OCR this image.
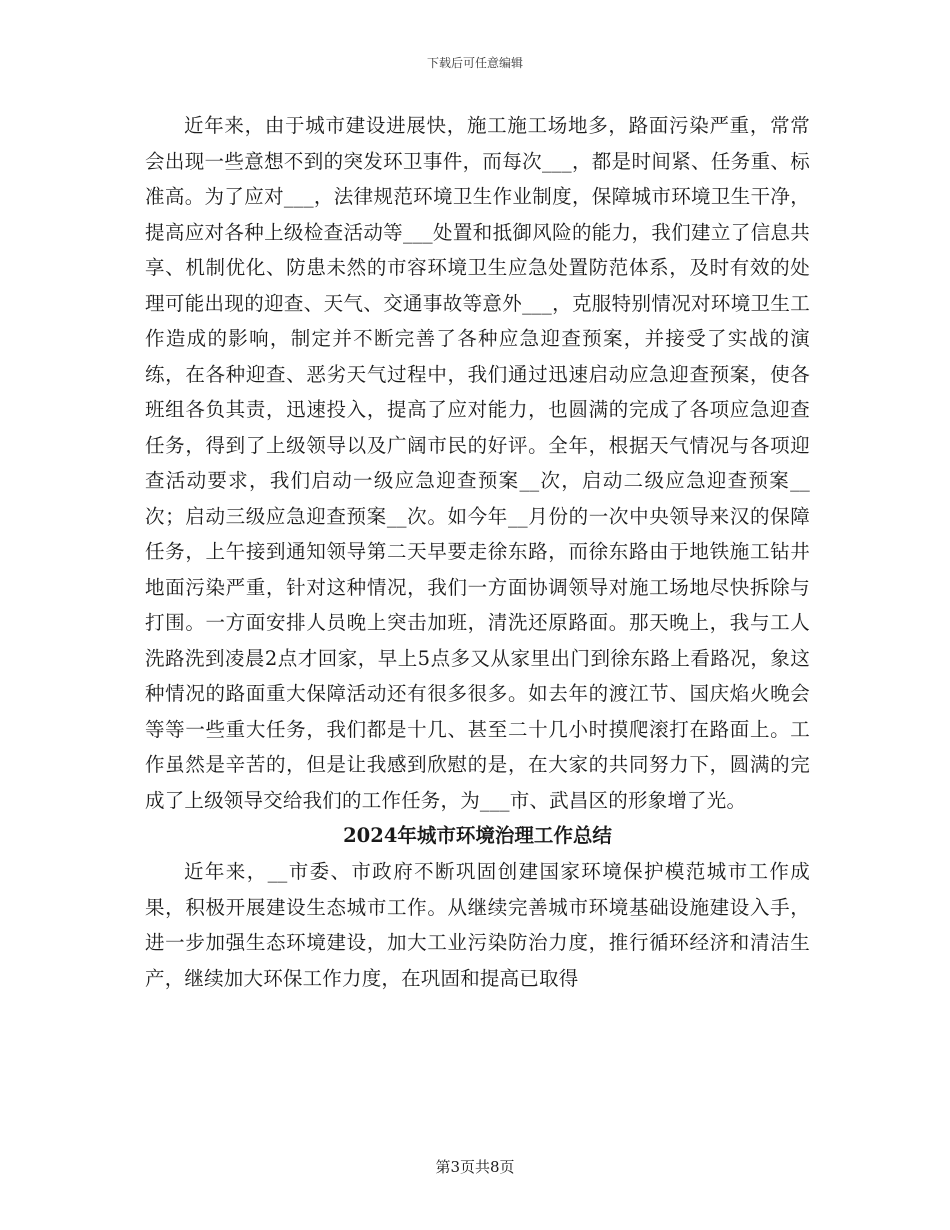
下载后可任意编辑

近年来，由于城市建设进展快，施工施工场地多，路面污染严重，常常会出现一些意想不到的突发环卫事件，而每次___，都是时间紧、任务重、标准高。为了应对___，法律规范环境卫生作业制度，保障城市环境卫生干净，提高应对各种上级检查活动等___处置和抵御风险的能力，我们建立了信息共享、机制优化、防患未然的市容环境卫生应急处置防范体系，及时有效的处理可能出现的迎查、天气、交通事故等意外___，克服特别情况对环境卫生工作造成的影响，制定并不断完善了各种应急迎查预案，并接受了实战的演练，在各种迎查、恶劣天气过程中，我们通过迅速启动应急迎查预案，使各班组各负其责，迅速投入，提高了应对能力，也圆满的完成了各项应急迎查任务，得到了上级领导以及广阔市民的好评。全年，根据天气情况与各项迎查活动要求，我们启动一级应急迎查预案__次，启动二级应急迎查预案__次；启动三级应急迎查预案__次。如今年__月份的一次中央领导来汉的保障任务，上午接到通知领导第二天早要走徐东路，而徐东路由于地铁施工钻井地面污染严重，针对这种情况，我们一方面协调领导对施工场地尽快拆除与打围。一方面安排人员晚上突击加班，清洗还原路面。那天晚上，我与工人洗路洗到凌晨2点才回家，早上5点多又从家里出门到徐东路上看路况，象这种情况的路面重大保障活动还有很多很多。如去年的渡江节、国庆焰火晚会等等一些重大任务，我们都是十几、甚至二十几小时摸爬滚打在路面上。工作虽然是辛苦的，但是让我感到欣慰的是，在大家的共同努力下，圆满的完成了上级领导交给我们的工作任务，为___市、武昌区的形象增了光。

2024年城市环境治理工作总结

近年来，__市委、市政府不断巩固创建国家环境保护模范城市工作成果，积极开展建设生态城市工作。从继续完善城市环境基础设施建设入手，进一步加强生态环境建设，加大工业污染防治力度，推行循环经济和清洁生产，继续加大环保工作力度，在巩固和提高已取得

第3页共8页
